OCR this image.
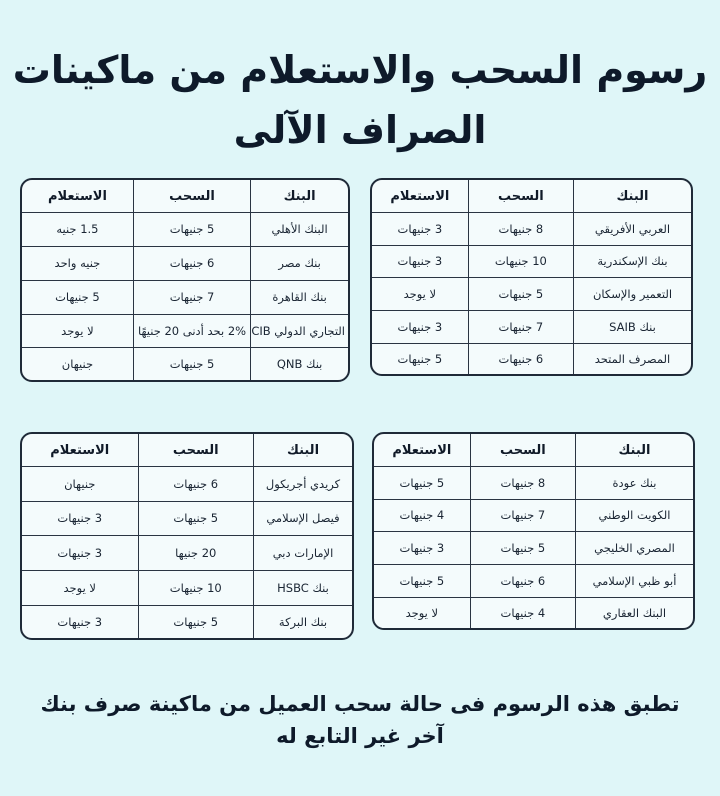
رسوم السحب والاستعلام من ماكينات
الصراف الآلى
البنك	السحب	الاستعلام
العربي الأفريقي	8 جنيهات	3 جنيهات
بنك الإسكندرية	10 جنيهات	3 جنيهات
التعمير والإسكان	5 جنيهات	لا يوجد
بنك SAIB	7 جنيهات	3 جنيهات
المصرف المتحد	6 جنيهات	5 جنيهات
البنك	السحب	الاستعلام
البنك الأهلي	5 جنيهات	1.5 جنيه
بنك مصر	6 جنيهات	جنيه واحد
بنك القاهرة	7 جنيهات	5 جنيهات
التجاري الدولي CIB	2% بحد أدنى 20 جنيهًا	لا يوجد
بنك QNB	5 جنيهات	جنيهان
البنك	السحب	الاستعلام
بنك عودة	8 جنيهات	5 جنيهات
الكويت الوطني	7 جنيهات	4 جنيهات
المصري الخليجي	5 جنيهات	3 جنيهات
أبو ظبي الإسلامي	6 جنيهات	5 جنيهات
البنك العقاري	4 جنيهات	لا يوجد
البنك	السحب	الاستعلام
كريدي أجريكول	6 جنيهات	جنيهان
فيصل الإسلامي	5 جنيهات	3 جنيهات
الإمارات دبي	20 جنيها	3 جنيهات
بنك HSBC	10 جنيهات	لا يوجد
بنك البركة	5 جنيهات	3 جنيهات
تطبق هذه الرسوم فى حالة سحب العميل من ماكينة صرف بنك
آخر غير التابع له
